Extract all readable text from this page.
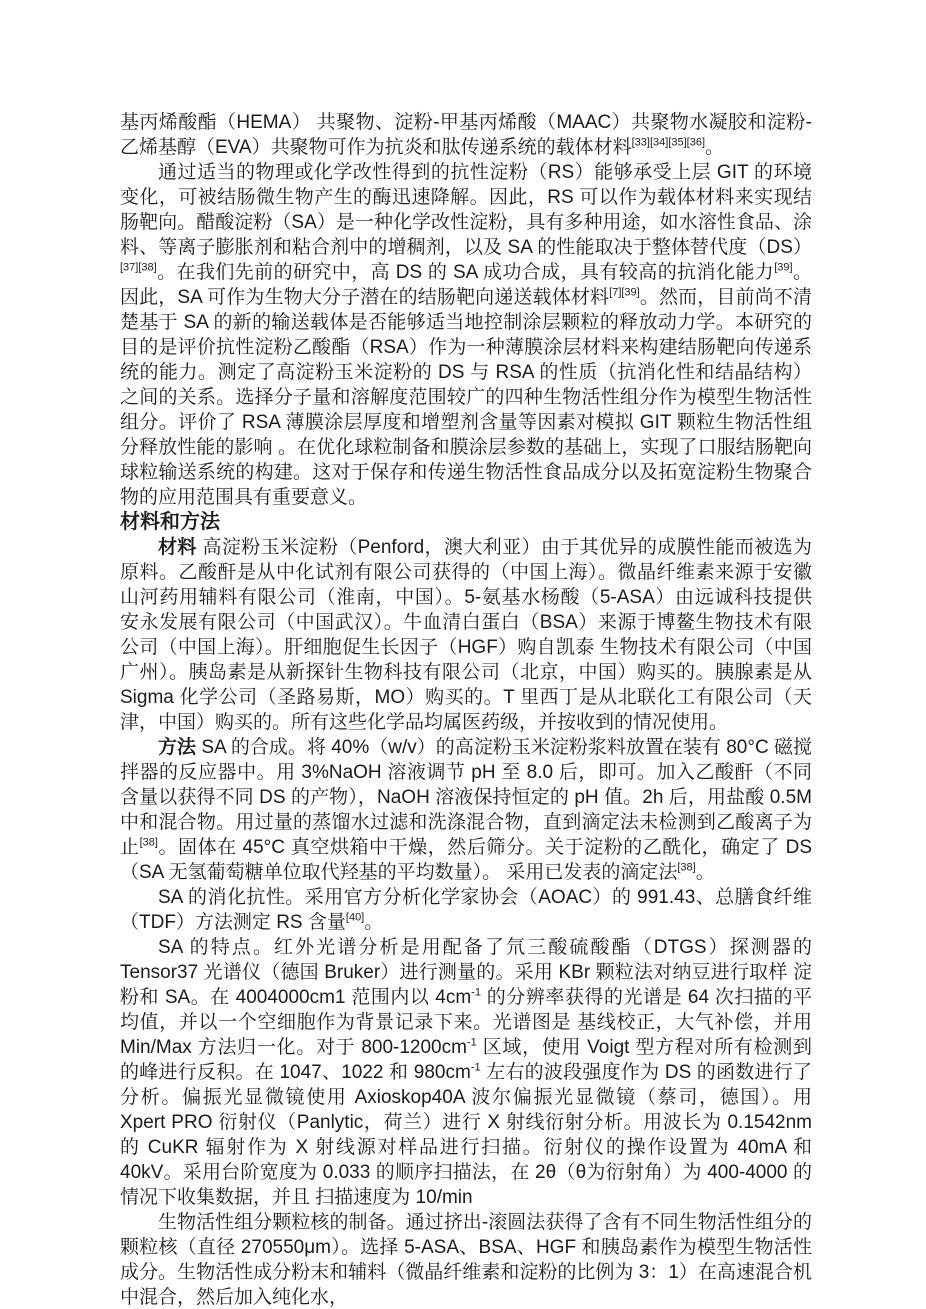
基丙烯酸酯（HEMA） 共聚物、淀粉-甲基丙烯酸（MAAC）共聚物水凝胶和淀粉-乙烯基醇（EVA）共聚物可作为抗炎和肽传递系统的载体材料[33][34][35][36]。

通过适当的物理或化学改性得到的抗性淀粉（RS）能够承受上层 GIT 的环境变化，可被结肠微生物产生的酶迅速降解。因此，RS 可以作为载体材料来实现结肠靶向。醋酸淀粉（SA）是一种化学改性淀粉，具有多种用途，如水溶性食品、涂料、等离子膨胀剂和粘合剂中的增稠剂，以及 SA 的性能取决于整体替代度（DS）[37][38]。在我们先前的研究中，高 DS 的 SA 成功合成，具有较高的抗消化能力[39]。因此，SA 可作为生物大分子潜在的结肠靶向递送载体材料[7][39]。然而，目前尚不清楚基于 SA 的新的输送载体是否能够适当地控制涂层颗粒的释放动力学。本研究的目的是评价抗性淀粉乙酸酯（RSA）作为一种薄膜涂层材料来构建结肠靶向传递系统的能力。测定了高淀粉玉米淀粉的 DS 与 RSA 的性质（抗消化性和结晶结构）之间的关系。选择分子量和溶解度范围较广的四种生物活性组分作为模型生物活性组分。评价了 RSA 薄膜涂层厚度和增塑剂含量等因素对模拟 GIT 颗粒生物活性组分释放性能的影响 。在优化球粒制备和膜涂层参数的基础上，实现了口服结肠靶向球粒输送系统的构建。这对于保存和传递生物活性食品成分以及拓宽淀粉生物聚合物的应用范围具有重要意义。

材料和方法

材料 高淀粉玉米淀粉（Penford，澳大利亚）由于其优异的成膜性能而被选为原料。乙酸酐是从中化试剂有限公司获得的（中国上海）。微晶纤维素来源于安徽山河药用辅料有限公司（淮南，中国）。5-氨基水杨酸（5-ASA）由远诚科技提供 安永发展有限公司（中国武汉）。牛血清白蛋白（BSA）来源于博鳌生物技术有限公司（中国上海）。肝细胞促生长因子（HGF）购自凯泰 生物技术有限公司（中国广州）。胰岛素是从新探针生物科技有限公司（北京，中国）购买的。胰腺素是从 Sigma 化学公司（圣路易斯，MO）购买的。T 里西丁是从北联化工有限公司（天津，中国）购买的。所有这些化学品均属医药级，并按收到的情况使用。

方法 SA 的合成。将 40%（w/v）的高淀粉玉米淀粉浆料放置在装有 80°C 磁搅拌器的反应器中。用 3%NaOH 溶液调节 pH 至 8.0 后，即可。加入乙酸酐（不同含量以获得不同 DS 的产物），NaOH 溶液保持恒定的 pH 值。2h 后，用盐酸 0.5M 中和混合物。用过量的蒸馏水过滤和洗涤混合物，直到滴定法未检测到乙酸离子为止[38]。固体在 45°C 真空烘箱中干燥，然后筛分。关于淀粉的乙酰化，确定了 DS（SA 无氢葡萄糖单位取代羟基的平均数量）。 采用已发表的滴定法[38]。

SA 的消化抗性。采用官方分析化学家协会（AOAC）的 991.43、总膳食纤维（TDF）方法测定 RS 含量[40]。

SA 的特点。红外光谱分析是用配备了氘三酸硫酸酯（DTGS）探测器的 Tensor37 光谱仪（德国 Bruker）进行测量的。采用 KBr 颗粒法对纳豆进行取样 淀粉和 SA。在 4004000cm1 范围内以 $4cm^{-1}$ 的分辨率获得的光谱是 64 次扫描的平均值，并以一个空细胞作为背景记录下来。光谱图是 基线校正，大气补偿，并用 Min/Max 方法归一化。对于 $800-1200cm^{-1}$ 区域，使用 Voigt 型方程对所有检测到的峰进行反积。在 1047、1022 和 $980cm^{-1}$ 左右的波段强度作为 DS 的函数进行了分析。偏振光显微镜使用 Axioskop40A 波尔偏振光显微镜（蔡司，德国）。用 Xpert PRO 衍射仪（Panlytic，荷兰）进行 X 射线衍射分析。用波长为 0.1542nm 的 CuKR 辐射作为 X 射线源对样品进行扫描。衍射仪的操作设置为 40mA 和 40kV。采用台阶宽度为 0.033 的顺序扫描法，在 2θ（θ为衍射角）为 400-4000 的情况下收集数据，并且 扫描速度为 10/min

生物活性组分颗粒核的制备。通过挤出-滚圆法获得了含有不同生物活性组分的颗粒核（直径 270550μm）。选择 5-ASA、BSA、HGF 和胰岛素作为模型生物活性成分。生物活性成分粉末和辅料（微晶纤维素和淀粉的比例为 3：1）在高速混合机中混合，然后加入纯化水，
